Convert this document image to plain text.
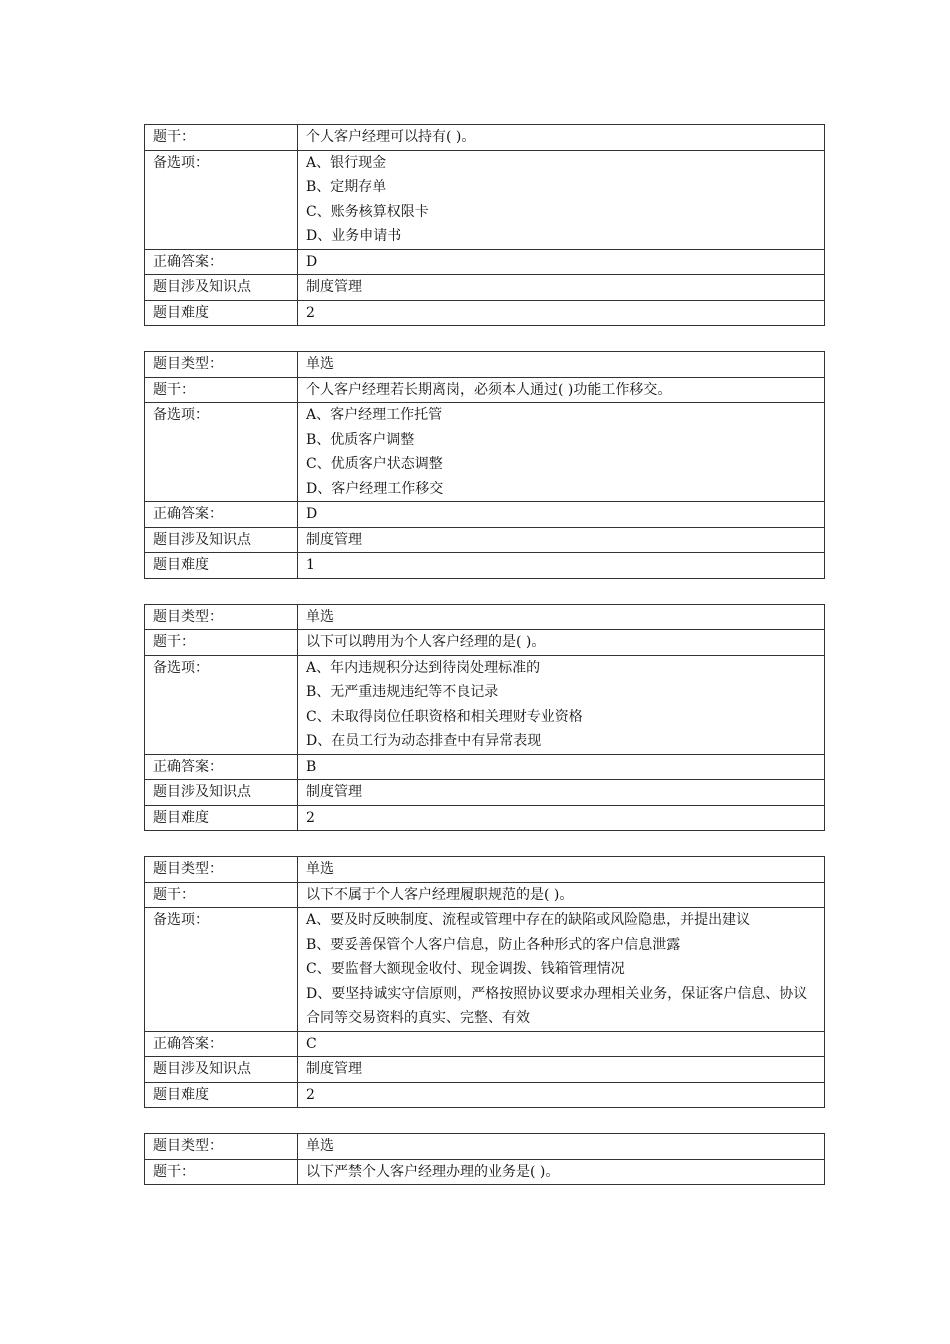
题干：	个人客户经理可以持有( )。
备选项：	A、银行现金
B、定期存单
C、账务核算权限卡
D、业务申请书

正确答案：	D
题目涉及知识点	制度管理
题目难度	2
题目类型：	单选
题干：	个人客户经理若长期离岗，必须本人通过( )功能工作移交。
备选项：	A、客户经理工作托管
B、优质客户调整
C、优质客户状态调整
D、客户经理工作移交

正确答案：	D
题目涉及知识点	制度管理
题目难度	1
题目类型：	单选
题干：	以下可以聘用为个人客户经理的是( )。
备选项：	A、年内违规积分达到待岗处理标准的
B、无严重违规违纪等不良记录
C、未取得岗位任职资格和相关理财专业资格
D、在员工行为动态排查中有异常表现

正确答案：	B
题目涉及知识点	制度管理
题目难度	2
题目类型：	单选
题干：	以下不属于个人客户经理履职规范的是( )。
备选项：	A、要及时反映制度、流程或管理中存在的缺陷或风险隐患，并提出建议
B、要妥善保管个人客户信息，防止各种形式的客户信息泄露
C、要监督大额现金收付、现金调拨、钱箱管理情况
D、要坚持诚实守信原则，严格按照协议要求办理相关业务，保证客户信息、协议合同等交易资料的真实、完整、有效

正确答案：	C
题目涉及知识点	制度管理
题目难度	2
题目类型：	单选
题干：	以下严禁个人客户经理办理的业务是( )。
